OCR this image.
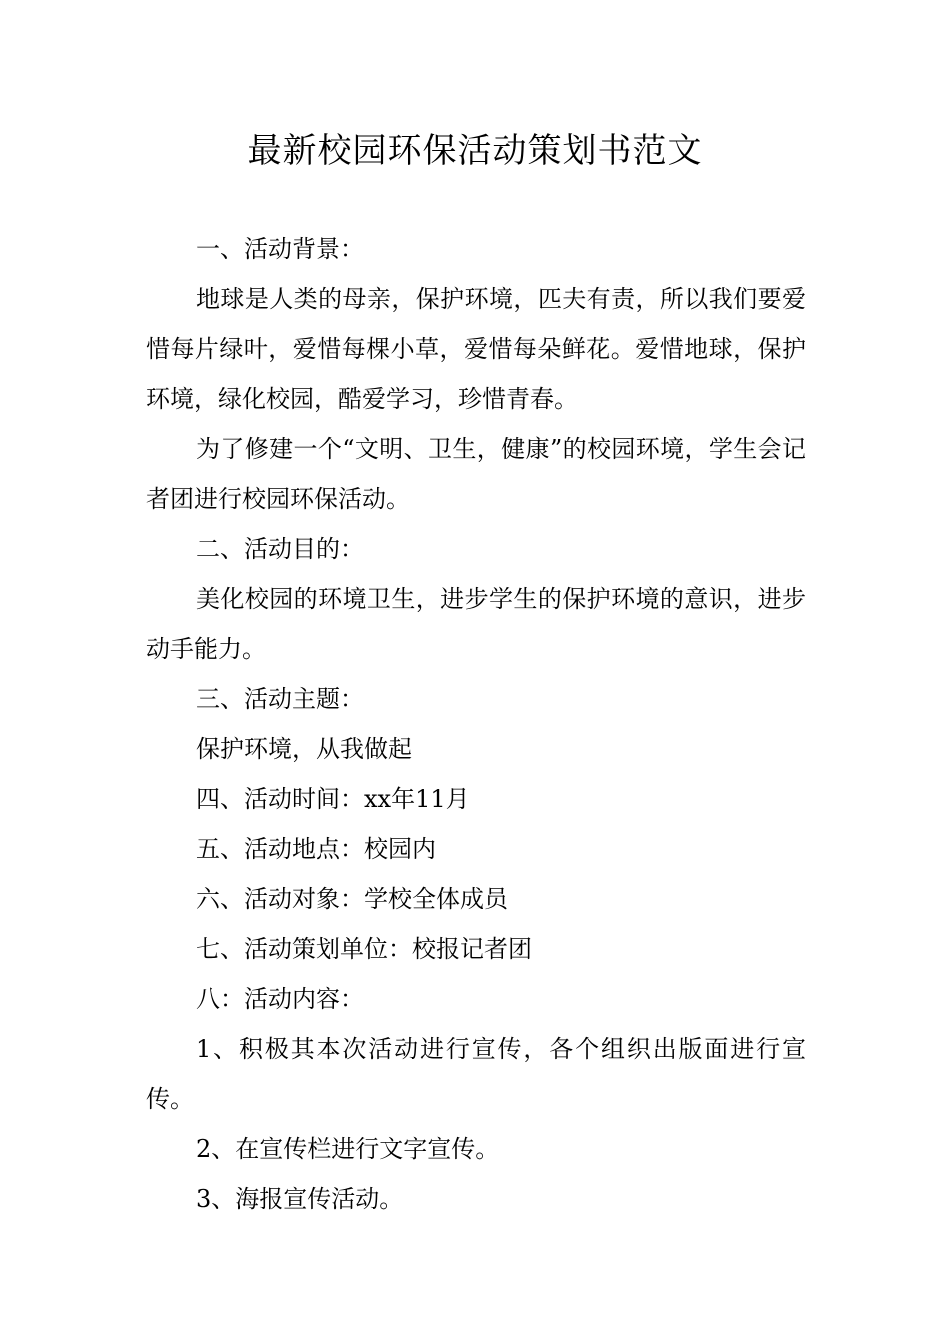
最新校园环保活动策划书范文

一、活动背景：

地球是人类的母亲，保护环境，匹夫有责，所以我们要爱惜每片绿叶，爱惜每棵小草，爱惜每朵鲜花。爱惜地球，保护环境，绿化校园，酷爱学习，珍惜青春。

为了修建一个“文明、卫生，健康”的校园环境，学生会记者团进行校园环保活动。

二、活动目的：

美化校园的环境卫生，进步学生的保护环境的意识，进步动手能力。

三、活动主题：

保护环境，从我做起

四、活动时间：xx年11月

五、活动地点：校园内

六、活动对象：学校全体成员

七、活动策划单位：校报记者团

八：活动内容：

1、积极其本次活动进行宣传，各个组织出版面进行宣传。

2、在宣传栏进行文字宣传。

3、海报宣传活动。
